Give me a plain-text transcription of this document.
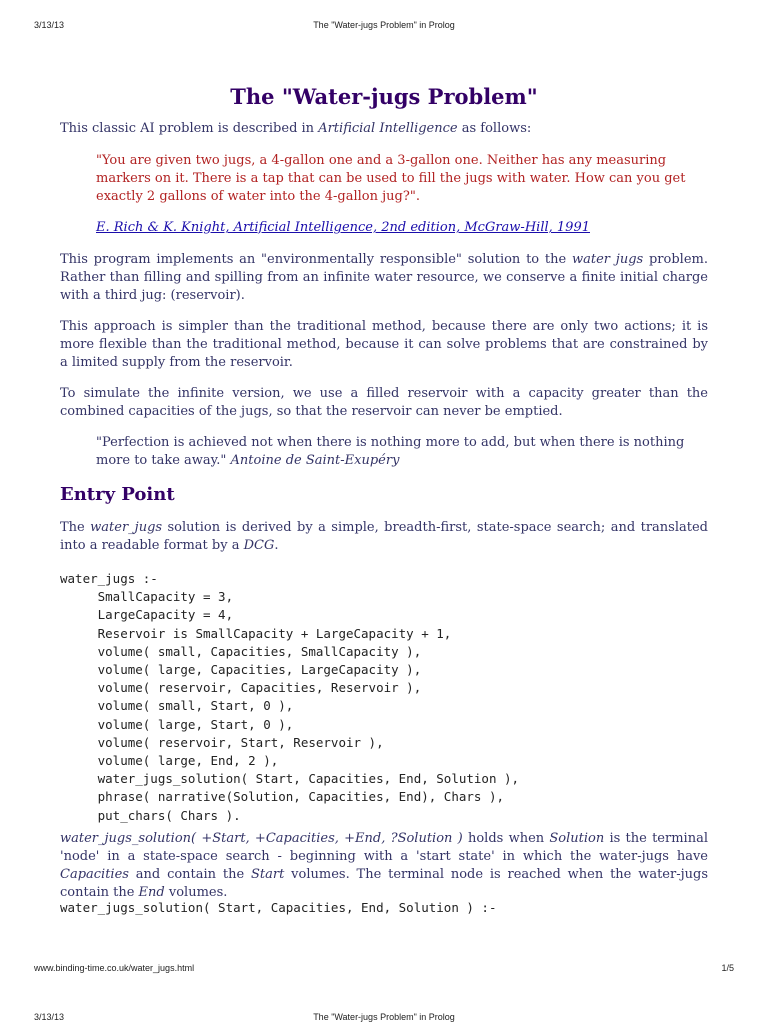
3/13/13	The "Water-jugs Problem" in Prolog
The "Water-jugs Problem"

This classic AI problem is described in Artificial Intelligence as follows:

"You are given two jugs, a 4-gallon one and a 3-gallon one. Neither has any measuring markers on it. There is a tap that can be used to fill the jugs with water. How can you get exactly 2 gallons of water into the 4-gallon jug?".

E. Rich & K. Knight, Artificial Intelligence, 2nd edition, McGraw-Hill, 1991

This program implements an "environmentally responsible" solution to the water jugs problem. Rather than filling and spilling from an infinite water resource, we conserve a finite initial charge with a third jug: (reservoir).

This approach is simpler than the traditional method, because there are only two actions; it is more flexible than the traditional method, because it can solve problems that are constrained by a limited supply from the reservoir.

To simulate the infinite version, we use a filled reservoir with a capacity greater than the combined capacities of the jugs, so that the reservoir can never be emptied.

"Perfection is achieved not when there is nothing more to add, but when there is nothing more to take away." Antoine de Saint-Exupéry

Entry Point

The water_jugs solution is derived by a simple, breadth-first, state-space search; and translated into a readable format by a DCG.

water_jugs :-
SmallCapacity = 3,
LargeCapacity = 4,
Reservoir is SmallCapacity + LargeCapacity + 1,
volume( small, Capacities, SmallCapacity ),
volume( large, Capacities, LargeCapacity ),
volume( reservoir, Capacities, Reservoir ),
volume( small, Start, 0 ),
volume( large, Start, 0 ),
volume( reservoir, Start, Reservoir ),
volume( large, End, 2 ),
water_jugs_solution( Start, Capacities, End, Solution ),
phrase( narrative(Solution, Capacities, End), Chars ),
put_chars( Chars ).

water_jugs_solution( +Start, +Capacities, +End, ?Solution ) holds when Solution is the terminal 'node' in a state-space search - beginning with a 'start state' in which the water-jugs have Capacities and contain the Start volumes. The terminal node is reached when the water-jugs contain the End volumes.

water_jugs_solution( Start, Capacities, End, Solution ) :-
www.binding-time.co.uk/water_jugs.html	1/5
3/13/13	The "Water-jugs Problem" in Prolog
